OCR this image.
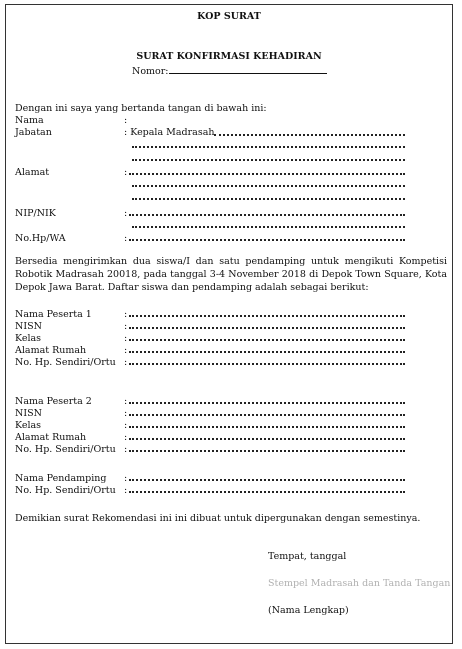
KOP SURAT
SURAT KONFIRMASI KEHADIRAN
Nomor:
Dengan ini saya yang bertanda tangan di bawah ini:
Nama	:
Jabatan	: Kepala Madrasah
Alamat	:
NIP/NIK	:
No.Hp/WA	:
Bersedia mengirimkan dua siswa/I dan satu pendamping untuk mengikuti Kompetisi Robotik Madrasah 20018, pada tanggal 3-4 November 2018 di Depok Town Square, Kota Depok Jawa Barat. Daftar siswa dan pendamping adalah sebagai berikut:
Nama Peserta 1	:
NISN	:
Kelas	:
Alamat Rumah	:
No. Hp. Sendiri/Ortu :
Nama Peserta 2	:
NISN	:
Kelas	:
Alamat Rumah	:
No. Hp. Sendiri/Ortu :
Nama Pendamping :
No. Hp. Sendiri/Ortu :
Demikian surat Rekomendasi ini ini dibuat untuk dipergunakan dengan semestinya.
Tempat, tanggal
Stempel Madrasah dan Tanda Tangan
(Nama Lengkap)
